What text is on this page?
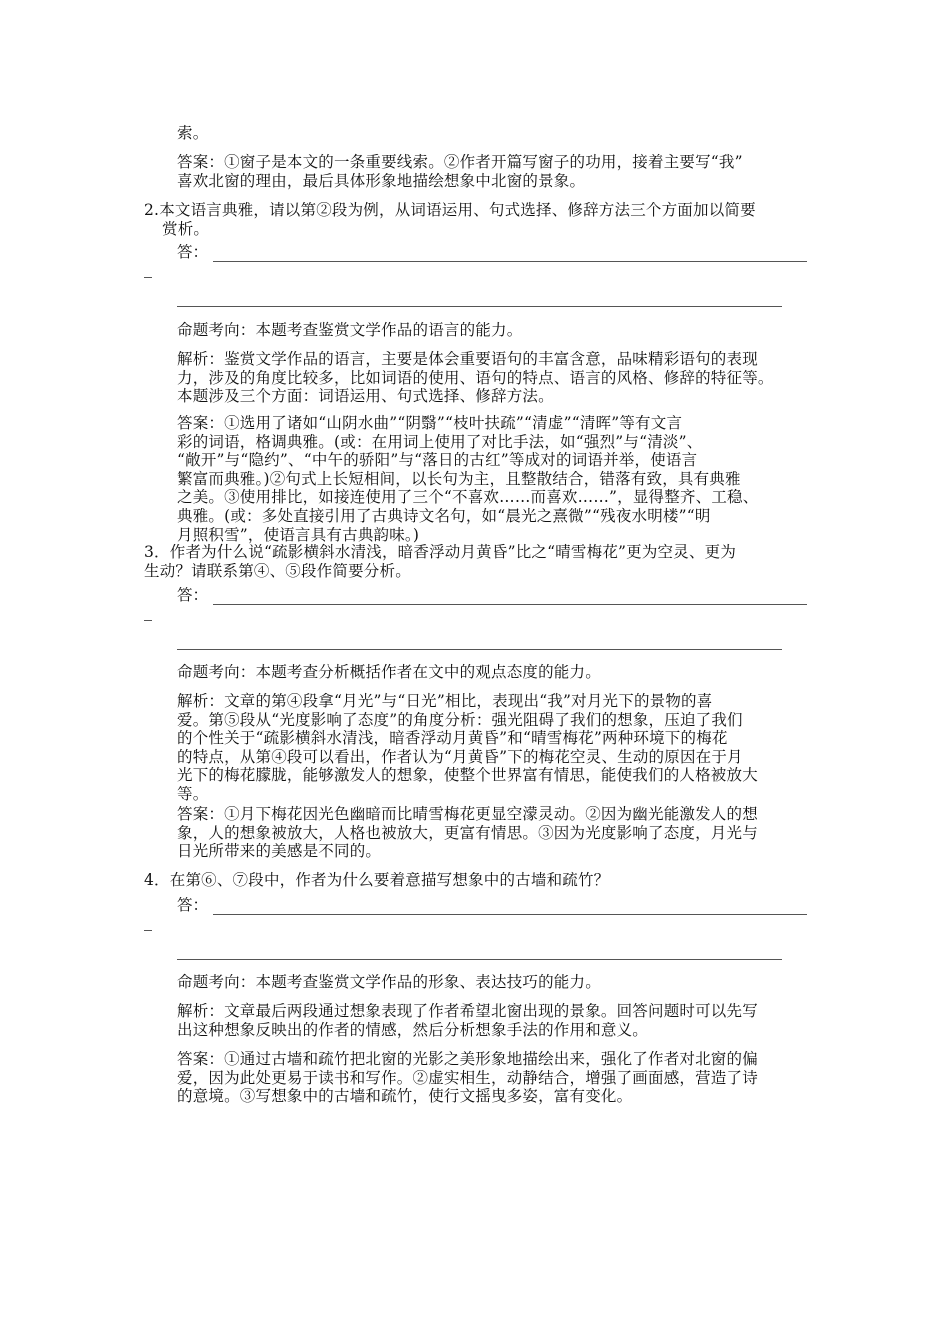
索。

答案：①窗子是本文的一条重要线索。②作者开篇写窗子的功用，接着主要写“我”
喜欢北窗的理由，最后具体形象地描绘想象中北窗的景象。

2.本文语言典雅，请以第②段为例，从词语运用、句式选择、修辞方法三个方面加以简要
赏析。

答：

命题考向：本题考查鉴赏文学作品的语言的能力。

解析：鉴赏文学作品的语言，主要是体会重要语句的丰富含意，品味精彩语句的表现
力，涉及的角度比较多，比如词语的使用、语句的特点、语言的风格、修辞的特征等。
本题涉及三个方面：词语运用、句式选择、修辞方法。

答案：①选用了诸如“山阴水曲”“阴翳”“枝叶扶疏”“清虚”“清晖”等有文言
彩的词语，格调典雅。(或：在用词上使用了对比手法，如“强烈”与“清淡”、
“敞开”与“隐约”、“中午的骄阳”与“落日的古红”等成对的词语并举，使语言
繁富而典雅。)②句式上长短相间，以长句为主，且整散结合，错落有致，具有典雅
之美。③使用排比，如接连使用了三个“不喜欢……而喜欢……”，显得整齐、工稳、
典雅。(或：多处直接引用了古典诗文名句，如“晨光之熹微”“残夜水明楼”“明
月照积雪”，使语言具有古典韵味。)

3．作者为什么说“疏影横斜水清浅，暗香浮动月黄昏”比之“晴雪梅花”更为空灵、更为
生动？请联系第④、⑤段作简要分析。

答：

命题考向：本题考查分析概括作者在文中的观点态度的能力。

解析：文章的第④段拿“月光”与“日光”相比，表现出“我”对月光下的景物的喜
爱。第⑤段从“光度影响了态度”的角度分析：强光阻碍了我们的想象，压迫了我们
的个性关于“疏影横斜水清浅，暗香浮动月黄昏”和“晴雪梅花”两种环境下的梅花
的特点，从第④段可以看出，作者认为“月黄昏”下的梅花空灵、生动的原因在于月
光下的梅花朦胧，能够激发人的想象，使整个世界富有情思，能使我们的人格被放大
等。

答案：①月下梅花因光色幽暗而比晴雪梅花更显空濛灵动。②因为幽光能激发人的想
象，人的想象被放大，人格也被放大，更富有情思。③因为光度影响了态度，月光与
日光所带来的美感是不同的。

4．在第⑥、⑦段中，作者为什么要着意描写想象中的古墙和疏竹？

答：

命题考向：本题考查鉴赏文学作品的形象、表达技巧的能力。

解析：文章最后两段通过想象表现了作者希望北窗出现的景象。回答问题时可以先写
出这种想象反映出的作者的情感，然后分析想象手法的作用和意义。

答案：①通过古墙和疏竹把北窗的光影之美形象地描绘出来，强化了作者对北窗的偏
爱，因为此处更易于读书和写作。②虚实相生，动静结合，增强了画面感，营造了诗
的意境。③写想象中的古墙和疏竹，使行文摇曳多姿，富有变化。
